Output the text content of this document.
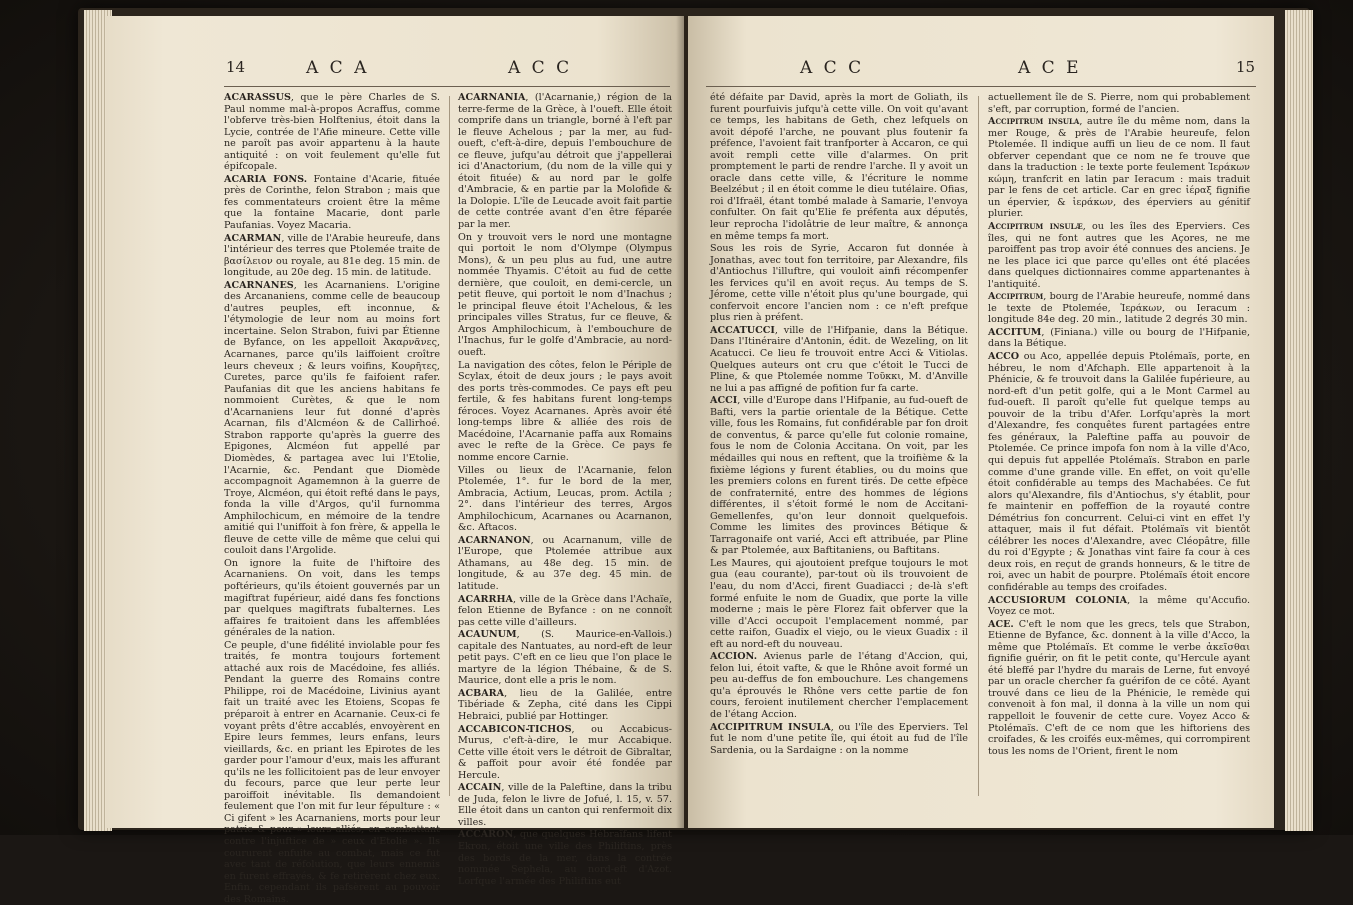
14	A C A	A C C

ACARASSUS, que le père Charles de S. Paul nomme mal-à-propos Acraffus, comme l'obferve très-bien Holftenius, étoit dans la Lycie, contrée de l'Afie mineure. Cette ville ne paroît pas avoir appartenu à la haute antiquité : on voit feulement qu'elle fut épifcopale.

ACARIA FONS. Fontaine d'Acarie, fituée près de Corinthe, felon Strabon ; mais que fes commentateurs croient être la même que la fontaine Macarie, dont parle Paufanias. Voyez Macaria.

ACARMAN, ville de l'Arabie heureufe, dans l'intérieur des terres que Ptolemée traite de βασίλειον ou royale, au 81e deg. 15 min. de longitude, au 20e deg. 15 min. de latitude.

ACARNANES, les Acarnaniens. L'origine des Arcananiens, comme celle de beaucoup d'autres peuples, eft inconnue, & l'étymologie de leur nom au moins fort incertaine. Selon Strabon, fuivi par Étienne de Byfance, on les appelloit Ἀκαρνᾶνες, Acarnanes, parce qu'ils laiffoient croître leurs cheveux ; & leurs voifins, Κουρῆτες, Curetes, parce qu'ils fe faifoient rafer. Paufanias dit que les anciens habitans fe nommoient Curètes, & que le nom d'Acarnaniens leur fut donné d'après Acarnan, fils d'Alcméon & de Callirhoé. Strabon rapporte qu'après la guerre des Epigones, Alcméon fut appellé par Diomèdes, & partagea avec lui l'Etolie, l'Acarnie, &c. Pendant que Diomède accompagnoit Agamemnon à la guerre de Troye, Alcméon, qui étoit refté dans le pays, fonda la ville d'Argos, qu'il furnomma Amphilochicum, en mémoire de la tendre amitié qui l'uniffoit à fon frère, & appella le fleuve de cette ville de même que celui qui couloit dans l'Argolide.

On ignore la fuite de l'hiftoire des Acarnaniens. On voit, dans les temps poftérieurs, qu'ils étoient gouvernés par un magiftrat fupérieur, aidé dans fes fonctions par quelques magiftrats fubalternes. Les affaires fe traitoient dans les affemblées générales de la nation.

Ce peuple, d'une fidélité inviolable pour fes traités, fe montra toujours fortement attaché aux rois de Macédoine, fes alliés. Pendant la guerre des Romains contre Philippe, roi de Macédoine, Livinius ayant fait un traité avec les Etoiens, Scopas fe préparoit à entrer en Acarnanie. Ceux-ci fe voyant prêts d'être accablés, envoyèrent en Epire leurs femmes, leurs enfans, leurs vieillards, &c. en priant les Epirotes de les garder pour l'amour d'eux, mais les affurant qu'ils ne les follicitoient pas de leur envoyer du fecours, parce que leur perte leur paroiffoit inévitable. Ils demandoient feulement que l'on mit fur leur fépulture : « Ci gifent » les Acarnaniens, morts pour leur patrie & pour » leurs alliés, en combattant contre l'injuftice de » ceux d'Etolie ». Ils coururent enfuite au combat, mais ce fut avec tant de réfolution, que leurs ennemis en furent effrayés, & fe retirèrent chez eux. Enfin, cependant ils pafsèrent au pouvoir des Romains.

ACARNANIA, (l'Acarnanie,) région de la terre-ferme de la Grèce, à l'oueft. Elle étoit comprife dans un triangle, borné à l'eft par le fleuve Achelous ; par la mer, au fud-oueft, c'eft-à-dire, depuis l'embouchure de ce fleuve, jufqu'au détroit que j'appellerai ici d'Anactorium, (du nom de la ville qui y étoit fituée) & au nord par le golfe d'Ambracie, & en partie par la Molofide & la Dolopie. L'île de Leucade avoit fait partie de cette contrée avant d'en être féparée par la mer.

On y trouvoit vers le nord une montagne qui portoit le nom d'Olympe (Olympus Mons), & un peu plus au fud, une autre nommée Thyamis. C'étoit au fud de cette dernière, que couloit, en demi-cercle, un petit fleuve, qui portoit le nom d'Inachus ; le principal fleuve étoit l'Achelous, & les principales villes Stratus, fur ce fleuve, & Argos Amphilochicum, à l'embouchure de l'Inachus, fur le golfe d'Ambracie, au nord-oueft.

La navigation des côtes, felon le Périple de Scylax, étoit de deux jours ; le pays avoit des ports très-commodes. Ce pays eft peu fertile, & fes habitans furent long-temps féroces. Voyez Acarnanes. Après avoir été long-temps libre & alliée des rois de Macédoine, l'Acarnanie paffa aux Romains avec le refte de la Grèce. Ce pays fe nomme encore Carnie.

Villes ou lieux de l'Acarnanie, felon Ptolemée, 1°. fur le bord de la mer, Ambracia, Actium, Leucas, prom. Actila ; 2°. dans l'intérieur des terres, Argos Amphilochicum, Acarnanes ou Acarnanon, &c. Aftacos.

ACARNANON, ou Acarnanum, ville de l'Europe, que Ptolemée attribue aux Athamans, au 48e deg. 15 min. de longitude, & au 37e deg. 45 min. de latitude.

ACARRHA, ville de la Grèce dans l'Achaïe, felon Etienne de Byfance : on ne connoît pas cette ville d'ailleurs.

ACAUNUM, (S. Maurice-en-Vallois.) capitale des Nantuates, au nord-eft de leur petit pays. C'eft en ce lieu que l'on place le martyre de la légion Thébaine, & de S. Maurice, dont elle a pris le nom.

ACBARA, lieu de la Galilée, entre Tibériade & Zepha, cité dans les Cippi Hebraici, publié par Hottinger.

ACCABICON-TICHOS, ou Accabicus-Murus, c'eft-à-dire, le mur Accabique. Cette ville étoit vers le détroit de Gibraltar, & paffoit pour avoir été fondée par Hercule.

ACCAIN, ville de la Paleftine, dans la tribu de Juda, felon le livre de Jofué, l. 15, v. 57. Elle étoit dans un canton qui renfermoit dix villes.

ACCARON, que quelques Hébraïfans lifent Ekron, étoit une ville des Philiftins, près des bords de la mer, dans la contrée nommée Sephela, au nord-eft d'Azot. Lorfque l'armée des Philiftins eut

A C C	A C E	15

été défaite par David, après la mort de Goliath, ils furent pourfuivis jufqu'à cette ville. On voit qu'avant ce temps, les habitans de Geth, chez lefquels on avoit dépofé l'arche, ne pouvant plus foutenir fa préfence, l'avoient fait tranfporter à Accaron, ce qui avoit rempli cette ville d'alarmes. On prit promptement le parti de rendre l'arche. Il y avoit un oracle dans cette ville, & l'écriture le nomme Beelzébut ; il en étoit comme le dieu tutélaire. Ofias, roi d'Ifraël, étant tombé malade à Samarie, l'envoya confulter. On fait qu'Elie fe préfenta aux députés, leur reprocha l'idolâtrie de leur maître, & annonça en même temps fa mort.

Sous les rois de Syrie, Accaron fut donnée à Jonathas, avec tout fon territoire, par Alexandre, fils d'Antiochus l'illuftre, qui vouloit ainfi récompenfer les fervices qu'il en avoit reçus. Au temps de S. Jérome, cette ville n'étoit plus qu'une bourgade, qui confervoit encore l'ancien nom : ce n'eft prefque plus rien à préfent.

ACCATUCCI, ville de l'Hifpanie, dans la Bétique. Dans l'Itinéraire d'Antonin, édit. de Wezeling, on lit Acatucci. Ce lieu fe trouvoit entre Acci & Vitiolas. Quelques auteurs ont cru que c'étoit le Tucci de Pline, & que Ptolemée nomme Τοῦκκι, M. d'Anville ne lui a pas affigné de pofition fur fa carte.

ACCI, ville d'Europe dans l'Hifpanie, au fud-oueft de Bafti, vers la partie orientale de la Bétique. Cette ville, fous les Romains, fut confidérable par fon droit de conventus, & parce qu'elle fut colonie romaine, fous le nom de Colonia Accitana. On voit, par les médailles qui nous en reftent, que la troifième & la fixième légions y furent établies, ou du moins que les premiers colons en furent tirés. De cette efpèce de confraternité, entre des hommes de légions différentes, il s'étoit formé le nom de Accitani-Gemellenfes, qu'on leur donnoit quelquefois. Comme les limites des provinces Bétique & Tarragonaife ont varié, Acci eft attribuée, par Pline & par Ptolemée, aux Baftitaniens, ou Baftitans.

Les Maures, qui ajoutoient prefque toujours le mot gua (eau courante), par-tout où ils trouvoient de l'eau, du nom d'Acci, firent Guadiacci ; de-là s'eft formé enfuite le nom de Guadix, que porte la ville moderne ; mais le père Florez fait obferver que la ville d'Acci occupoit l'emplacement nommé, par cette raifon, Guadix el viejo, ou le vieux Guadix : il eft au nord-eft du nouveau.

ACCION. Avienus parle de l'étang d'Accion, qui, felon lui, étoit vafte, & que le Rhône avoit formé un peu au-deffus de fon embouchure. Les changemens qu'a éprouvés le Rhône vers cette partie de fon cours, feroient inutilement chercher l'emplacement de l'étang Accion.

ACCIPITRUM INSULA, ou l'île des Eperviers. Tel fut le nom d'une petite île, qui étoit au fud de l'île Sardenia, ou la Sardaigne : on la nomme

actuellement île de S. Pierre, nom qui probablement s'eft, par corruption, formé de l'ancien.

Accipitrum insula, autre île du même nom, dans la mer Rouge, & près de l'Arabie heureufe, felon Ptolemée. Il indique auffi un lieu de ce nom. Il faut obferver cependant que ce nom ne fe trouve que dans la traduction : le texte porte feulement Ἱεράκων κώμη, tranfcrit en latin par Ieracum : mais traduit par le fens de cet article. Car en grec ἱέραξ fignifie un épervier, & ἱεράκων, des éperviers au génitif plurier.

Accipitrum insulæ, ou les îles des Eperviers. Ces îles, qui ne font autres que les Açores, ne me paroiffent pas trop avoir été connues des anciens. Je ne les place ici que parce qu'elles ont été placées dans quelques dictionnaires comme appartenantes à l'antiquité.

Accipitrum, bourg de l'Arabie heureufe, nommé dans le texte de Ptolemée, Ἱεράκων, ou Ieracum : longitude 84e deg. 20 min., latitude 2 degrés 30 min.

ACCITUM, (Finiana.) ville ou bourg de l'Hifpanie, dans la Bétique.

ACCO ou Aco, appellée depuis Ptolémaïs, porte, en hébreu, le nom d'Afchaph. Elle appartenoit à la Phénicie, & fe trouvoit dans la Galilée fupérieure, au nord-eft d'un petit golfe, qui a le Mont Carmel au fud-oueft. Il paroît qu'elle fut quelque temps au pouvoir de la tribu d'Afer. Lorfqu'après la mort d'Alexandre, fes conquêtes furent partagées entre fes généraux, la Paleftine paffa au pouvoir de Ptolemée. Ce prince impofa fon nom à la ville d'Aco, qui depuis fut appellée Ptolémaïs. Strabon en parle comme d'une grande ville. En effet, on voit qu'elle étoit confidérable au temps des Machabées. Ce fut alors qu'Alexandre, fils d'Antiochus, s'y établit, pour fe maintenir en poffeffion de la royauté contre Démétrius fon concurrent. Celui-ci vint en effet l'y attaquer, mais il fut défait. Ptolémaïs vit bientôt célébrer les noces d'Alexandre, avec Cléopâtre, fille du roi d'Egypte ; & Jonathas vint faire fa cour à ces deux rois, en reçut de grands honneurs, & le titre de roi, avec un habit de pourpre. Ptolémaïs étoit encore confidérable au temps des croifades.

ACCUSIORUM COLONIA, la même qu'Accufio. Voyez ce mot.

ACE. C'eft le nom que les grecs, tels que Strabon, Etienne de Byfance, &c. donnent à la ville d'Acco, la même que Ptolémaïs. Et comme le verbe ἀκεῖσθαι fignifie guérir, on fit le petit conte, qu'Hercule ayant été bleffé par l'hydre du marais de Lerne, fut envoyé par un oracle chercher fa guérifon de ce côté. Ayant trouvé dans ce lieu de la Phénicie, le remède qui convenoit à fon mal, il donna à la ville un nom qui rappelloit le fouvenir de cette cure. Voyez Acco & Ptolémaïs. C'eft de ce nom que les hiftoriens des croifades, & les croifés eux-mêmes, qui corrompirent tous les noms de l'Orient, firent le nom
